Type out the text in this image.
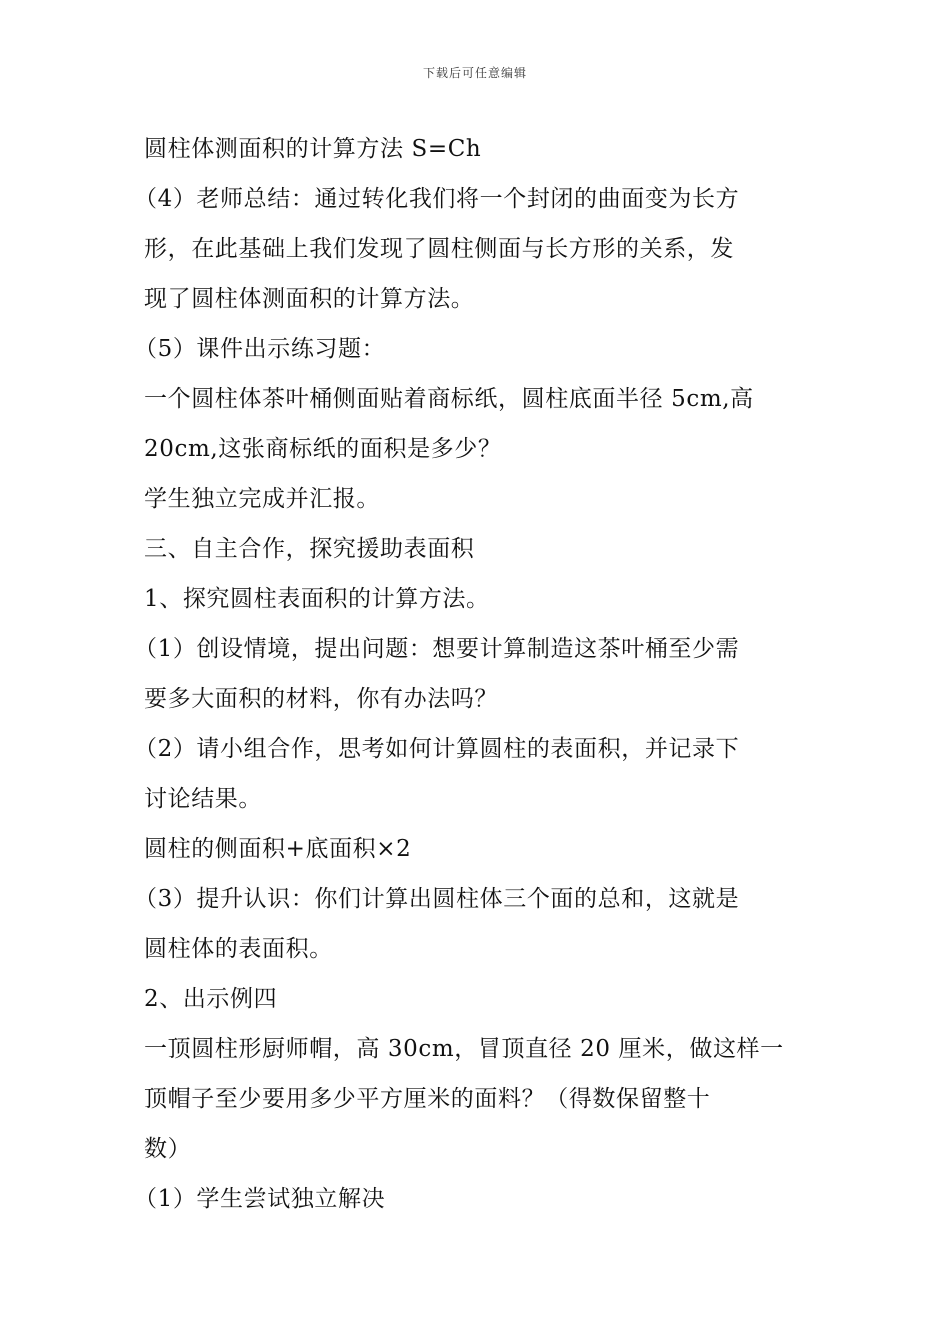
下载后可任意编辑
圆柱体测面积的计算方法 S=Ch
（4）老师总结：通过转化我们将一个封闭的曲面变为长方
形，在此基础上我们发现了圆柱侧面与长方形的关系，发
现了圆柱体测面积的计算方法。
（5）课件出示练习题：
一个圆柱体茶叶桶侧面贴着商标纸，圆柱底面半径 5cm,高
20cm,这张商标纸的面积是多少？
学生独立完成并汇报。
三、自主合作，探究援助表面积
1、探究圆柱表面积的计算方法。
（1）创设情境，提出问题：想要计算制造这茶叶桶至少需
要多大面积的材料，你有办法吗？
（2）请小组合作，思考如何计算圆柱的表面积，并记录下
讨论结果。
圆柱的侧面积+底面积×2
（3）提升认识：你们计算出圆柱体三个面的总和，这就是
圆柱体的表面积。
2、出示例四
一顶圆柱形厨师帽，高 30cm，冒顶直径 20 厘米，做这样一
顶帽子至少要用多少平方厘米的面料？（得数保留整十
数）
（1）学生尝试独立解决
